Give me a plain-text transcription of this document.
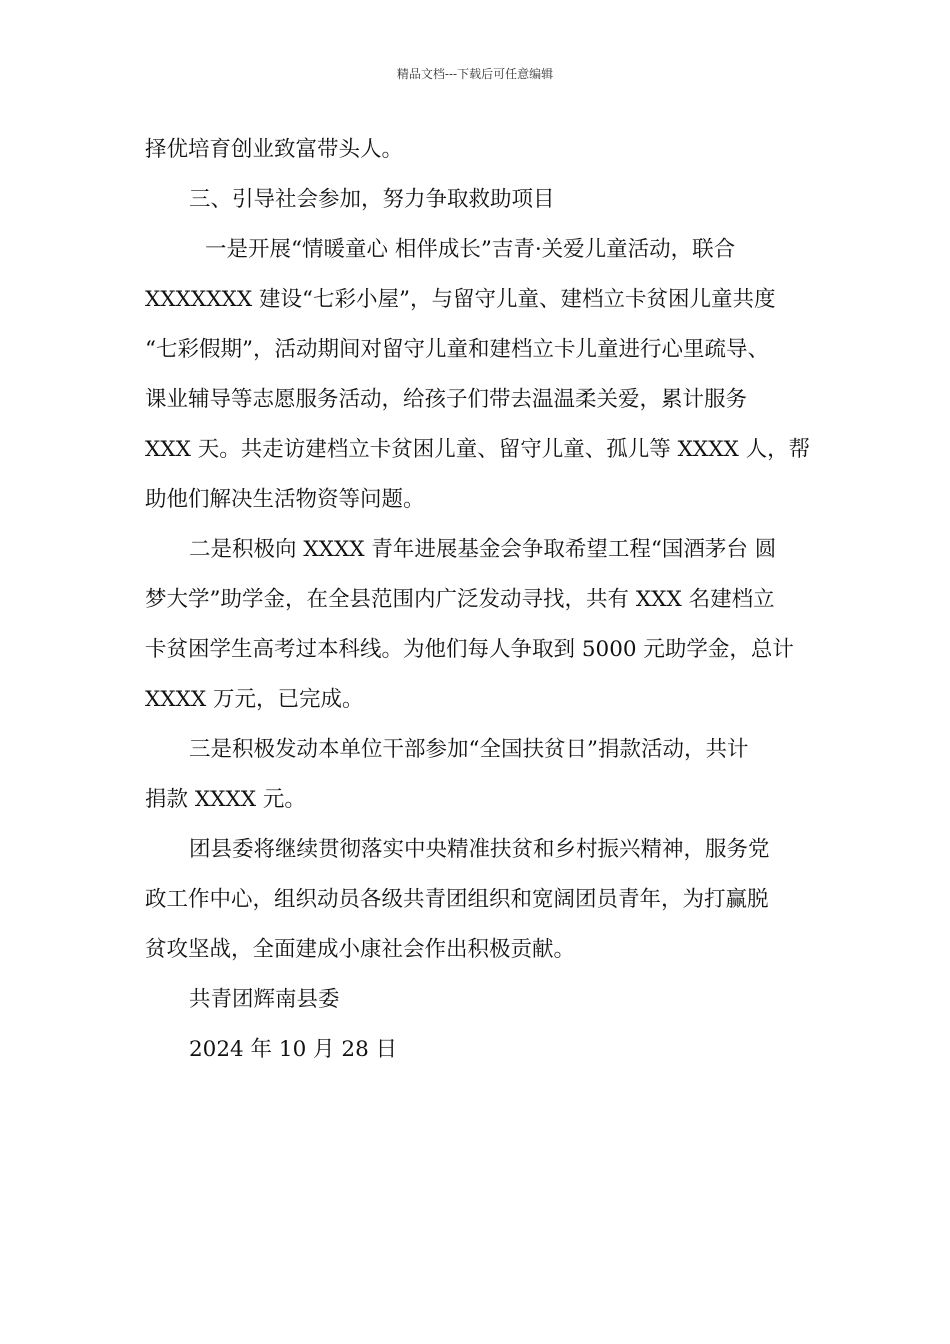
精品文档---下载后可任意编辑

择优培育创业致富带头人。

三、引导社会参加，努力争取救助项目

一是开展“情暖童心 相伴成长”吉青·关爱儿童活动，联合

XXXXXXX 建设“七彩小屋”，与留守儿童、建档立卡贫困儿童共度

“七彩假期”，活动期间对留守儿童和建档立卡儿童进行心里疏导、

课业辅导等志愿服务活动，给孩子们带去温温柔关爱，累计服务

XXX 天。共走访建档立卡贫困儿童、留守儿童、孤儿等 XXXX 人，帮

助他们解决生活物资等问题。

二是积极向 XXXX 青年进展基金会争取希望工程“国酒茅台 圆

梦大学”助学金，在全县范围内广泛发动寻找，共有 XXX 名建档立

卡贫困学生高考过本科线。为他们每人争取到 5000 元助学金，总计

XXXX 万元，已完成。

三是积极发动本单位干部参加“全国扶贫日”捐款活动，共计

捐款 XXXX 元。

团县委将继续贯彻落实中央精准扶贫和乡村振兴精神，服务党

政工作中心，组织动员各级共青团组织和宽阔团员青年，为打赢脱

贫攻坚战，全面建成小康社会作出积极贡献。

共青团辉南县委

2024 年 10 月 28 日
